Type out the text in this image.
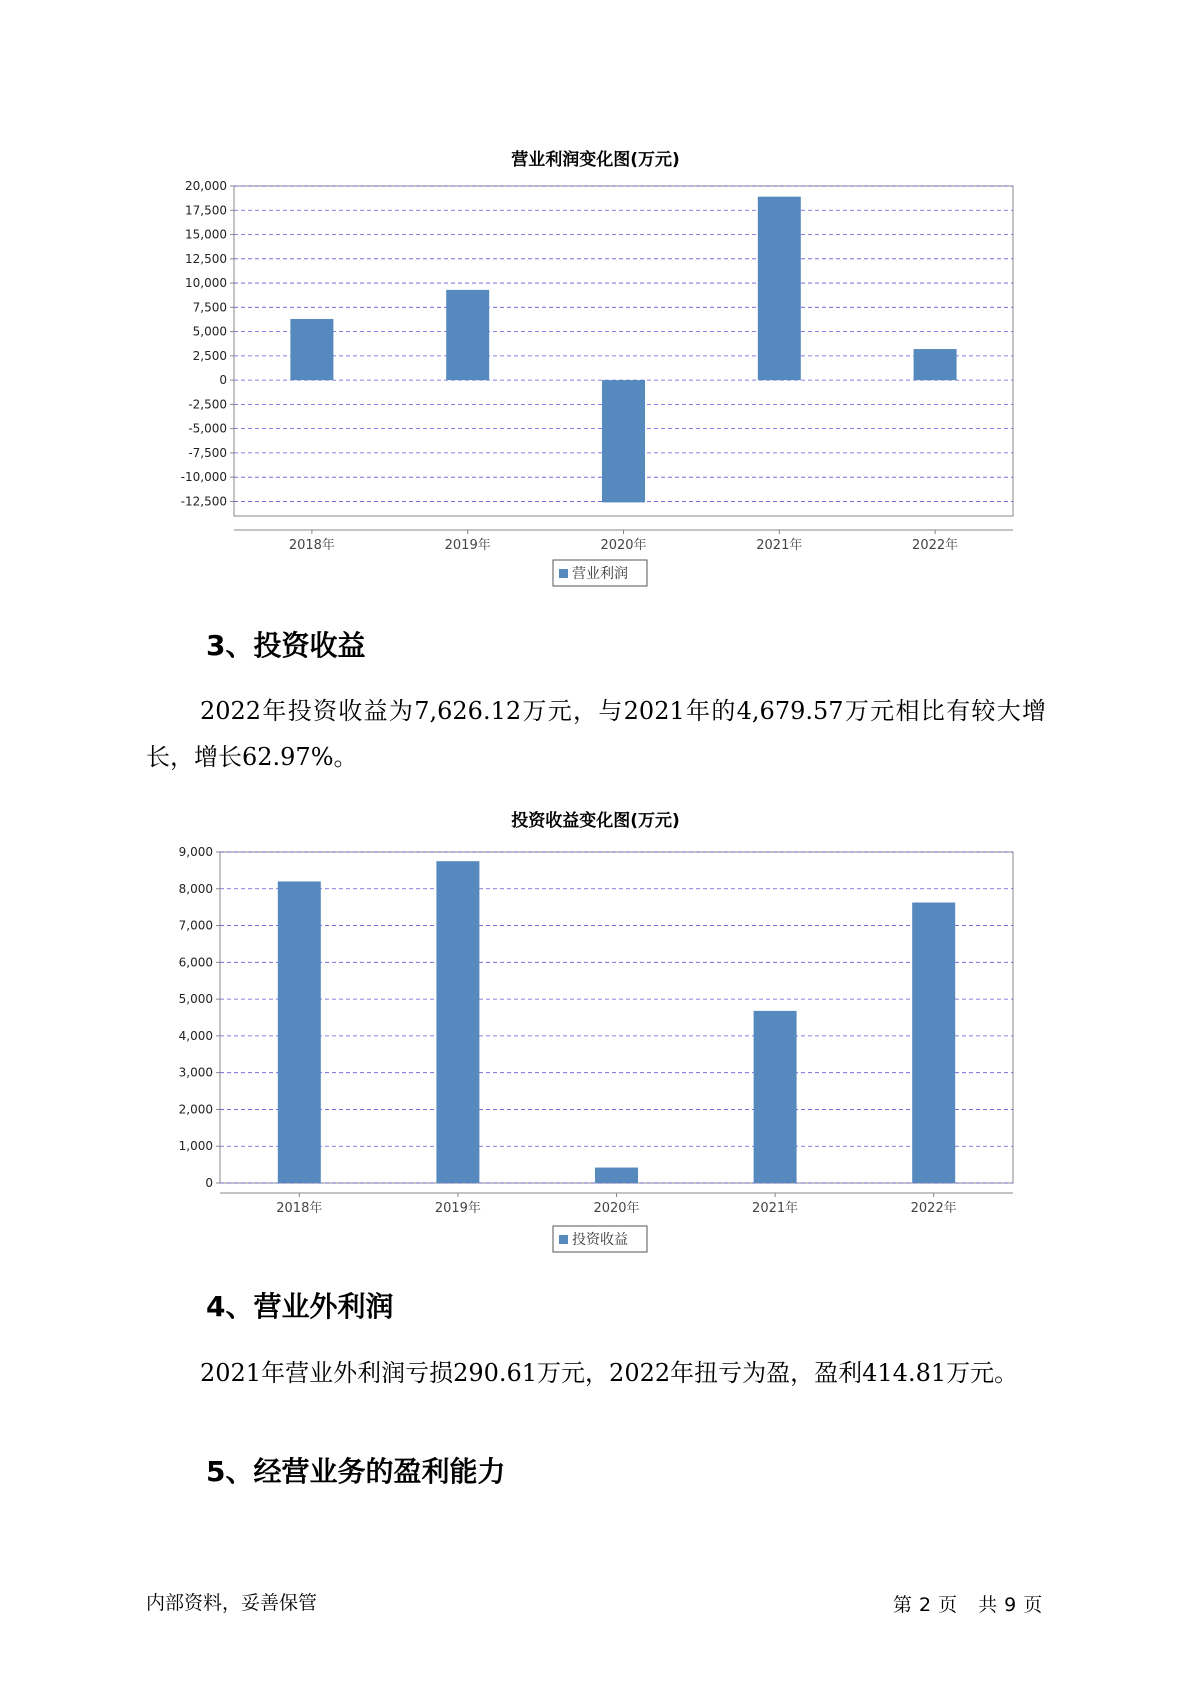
营业利润变化图(万元)
20,000
17,500
15,000
12,500
10,000
7,500
5,000
2,500
0
-2,500
-5,000
-7,500
-10,000
-12,500
2018年	2019年	2020年	2021年	2022年
营业利润
3、投资收益

2022年投资收益为7,626.12万元，与2021年的4,679.57万元相比有较大增长，增长62.97%。

投资收益变化图(万元)
9,000
8,000
7,000
6,000
5,000
4,000
3,000
2,000
1,000
0
2018年	2019年	2020年	2021年	2022年
投资收益
4、营业外利润

2021年营业外利润亏损290.61万元，2022年扭亏为盈，盈利414.81万元。

5、经营业务的盈利能力
内部资料，妥善保管	第 2 页　共 9 页
